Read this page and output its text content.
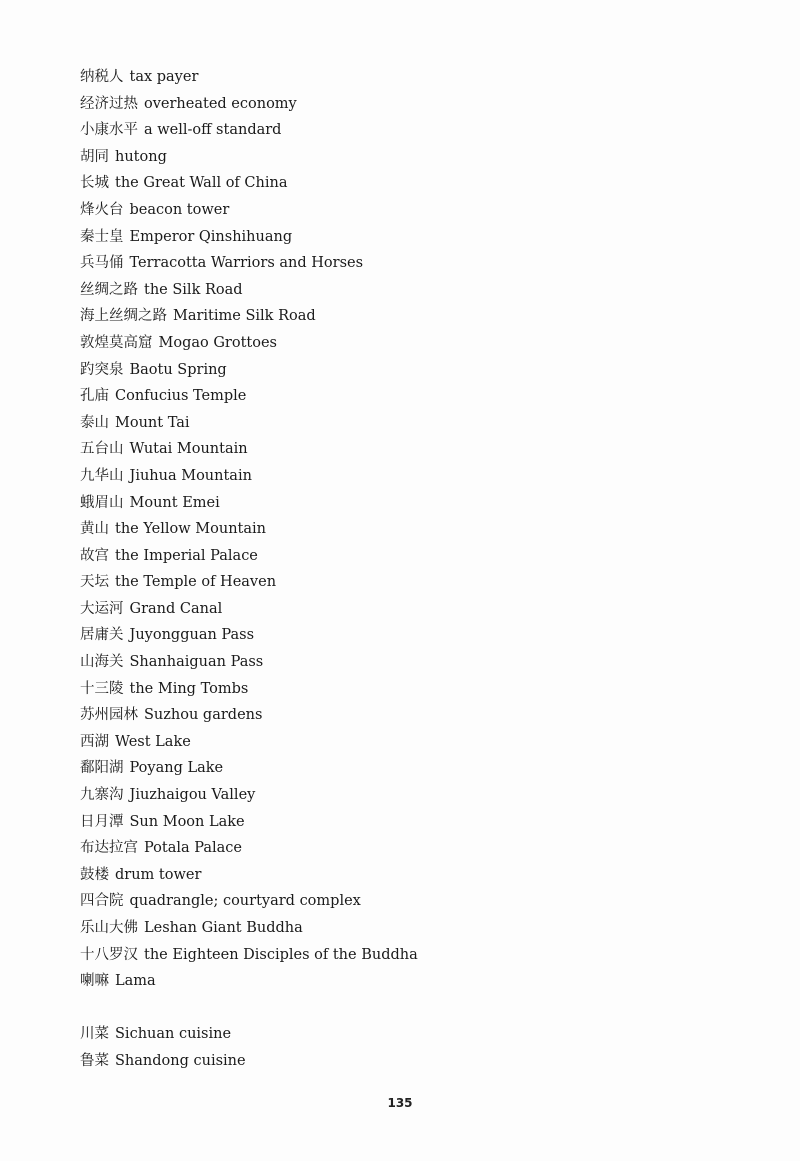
纳税人 tax payer
经济过热 overheated economy
小康水平 a well-off standard
胡同 hutong
长城 the Great Wall of China
烽火台 beacon tower
秦士皇 Emperor Qinshihuang
兵马俑 Terracotta Warriors and Horses
丝绸之路 the Silk Road
海上丝绸之路 Maritime Silk Road
敦煌莫高窟 Mogao Grottoes
趵突泉 Baotu Spring
孔庙 Confucius Temple
泰山 Mount Tai
五台山 Wutai Mountain
九华山 Jiuhua Mountain
蛾眉山 Mount Emei
黄山 the Yellow Mountain
故宫 the Imperial Palace
天坛 the Temple of Heaven
大运河 Grand Canal
居庸关 Juyongguan Pass
山海关 Shanhaiguan Pass
十三陵 the Ming Tombs
苏州园林 Suzhou gardens
西湖 West Lake
鄱阳湖 Poyang Lake
九寨沟 Jiuzhaigou Valley
日月潭 Sun Moon Lake
布达拉宫 Potala Palace
鼓楼 drum tower
四合院 quadrangle; courtyard complex
乐山大佛 Leshan Giant Buddha
十八罗汉 the Eighteen Disciples of the Buddha
喇嘛 Lama
川菜 Sichuan cuisine
鲁菜 Shandong cuisine
135
